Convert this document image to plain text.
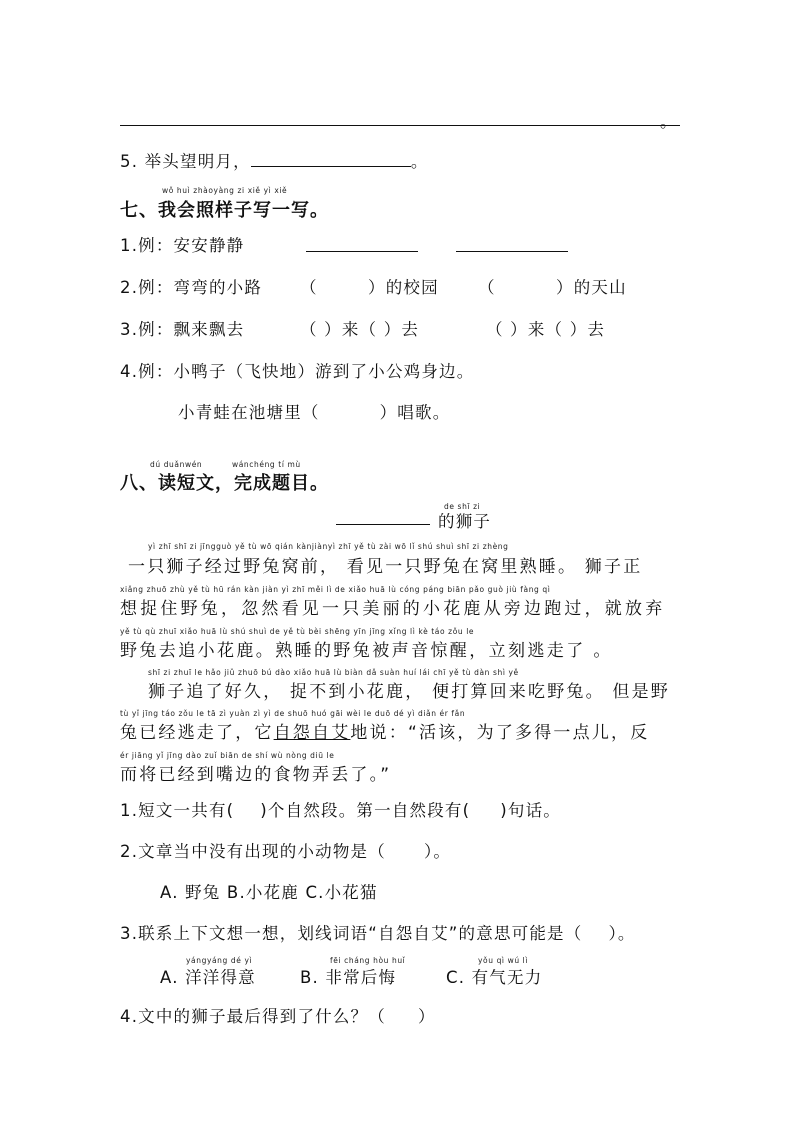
。
5. 举头望明月，	。
wǒ huì zhàoyàng zi xiě yì xiě
七、我会照样子写一写。
1.例：安安静静
2.例：弯弯的小路 （	）的校园 （	）的天山
3.例：飘来飘去	（ ）来（ ）去	（ ）来（ ）去
4.例：小鸭子（飞快地）游到了小公鸡身边。
小青蛙在池塘里（	）唱歌。
dú duǎnwén	wánchéng tí mù
八、读短文，完成题目。
de shī zi
的狮子
yì zhī shī zi jīngguò yě tù wō qián kànjiànyì zhī yě tù zài wō lǐ shú shuì shī zi zhèng
一只狮子经过野兔窝前， 看见一只野兔在窝里熟睡。 狮子正
xiǎng zhuō zhù yě tù hū rán kàn jiàn yì zhī měi lì de xiǎo huā lù cóng páng biān pǎo guò jiù fàng qì
想捉住野兔，忽然看见一只美丽的小花鹿从旁边跑过，就放弃
yě tù qù zhuī xiǎo huā lù shú shuì de yě tù bèi shēng yīn jīng xǐng lì kè táo zǒu le
野兔去追小花鹿。熟睡的野兔被声音惊醒，立刻逃走了 。
shī zi zhuī le hǎo jiǔ zhuō bú dào xiǎo huā lù biàn dǎ suàn huí lái chī yě tù dàn shì yě
狮子追了好久， 捉不到小花鹿， 便打算回来吃野兔。 但是野
tù yǐ jīng táo zǒu le tā zì yuàn zì yì de shuō huó gāi wèi le duō dé yì diǎn ér fǎn
兔已经逃走了，它自怨自艾地说：“活该，为了多得一点儿，反
ér jiāng yǐ jīng dào zuǐ biān de shí wù nòng diū le
而将已经到嘴边的食物弄丢了。”
1.短文一共有( )个自然段。第一自然段有( )句话。
2.文章当中没有出现的小动物是（ ）。
A. 野兔 B.小花鹿 C.小花猫
3.联系上下文想一想，划线词语“自怨自艾”的意思可能是（ ）。
yángyáng dé yì	fēi cháng hòu huǐ	yǒu qì wú lì
A. 洋洋得意	B. 非常后悔	C. 有气无力
4.文中的狮子最后得到了什么？（ ）
